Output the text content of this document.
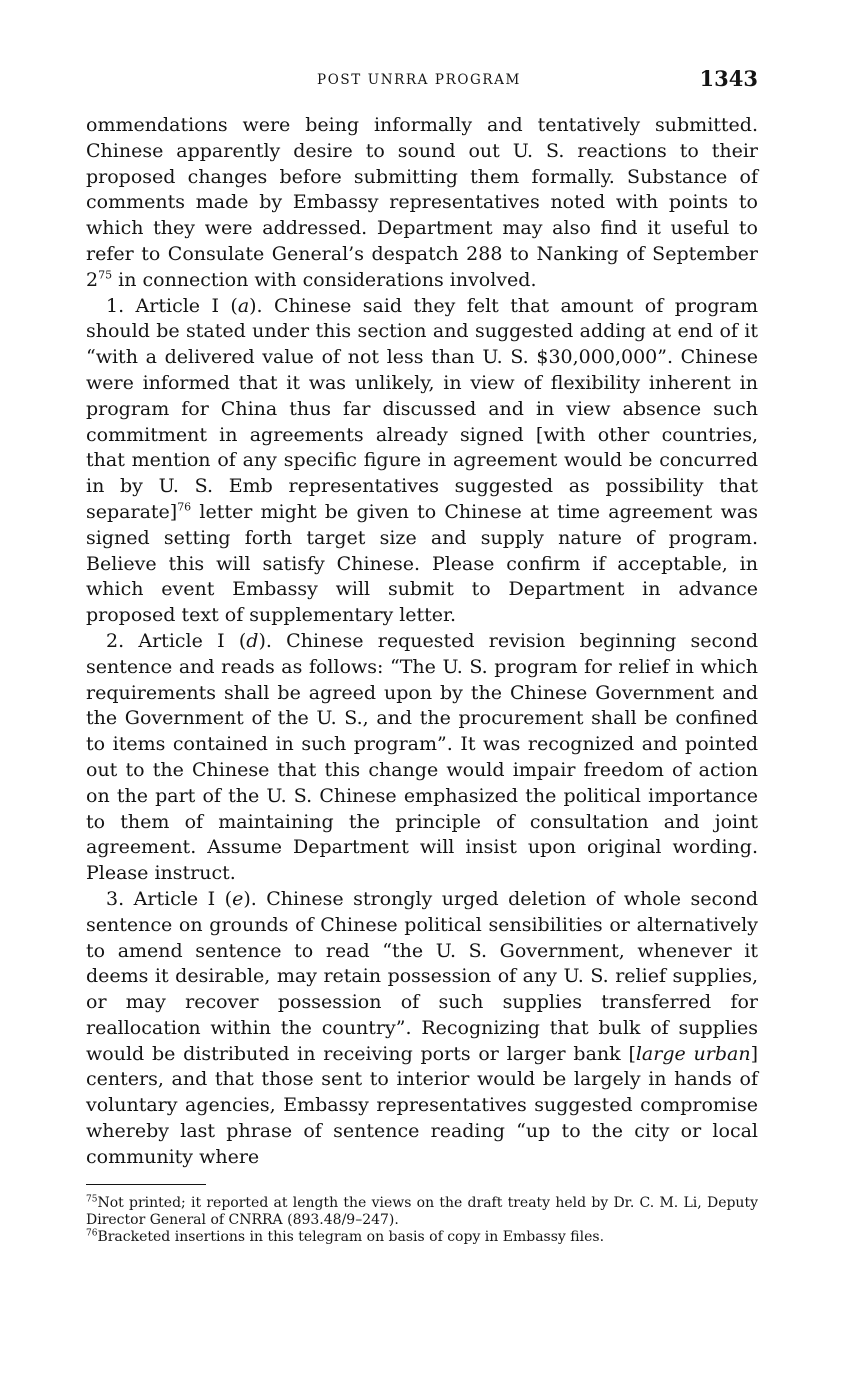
POST UNRRA PROGRAM	1343

ommendations were being informally and tentatively submitted. Chinese apparently desire to sound out U. S. reactions to their proposed changes before submitting them formally. Substance of comments made by Embassy representatives noted with points to which they were addressed. Department may also find it useful to refer to Consulate General’s despatch 288 to Nanking of September 2$^{75}$ in connection with considerations involved.

1. Article I (a). Chinese said they felt that amount of program should be stated under this section and suggested adding at end of it “with a delivered value of not less than U. S. $30,000,000”. Chinese were informed that it was unlikely, in view of flexibility inherent in program for China thus far discussed and in view absence such commitment in agreements already signed [with other countries, that mention of any specific figure in agreement would be concurred in by U. S. Emb representatives suggested as possibility that separate]$^{76}$ letter might be given to Chinese at time agreement was signed setting forth target size and supply nature of program. Believe this will satisfy Chinese. Please confirm if acceptable, in which event Embassy will submit to Department in advance proposed text of supplementary letter.

2. Article I (d). Chinese requested revision beginning second sentence and reads as follows: “The U. S. program for relief in which requirements shall be agreed upon by the Chinese Government and the Government of the U. S., and the procurement shall be confined to items contained in such program”. It was recognized and pointed out to the Chinese that this change would impair freedom of action on the part of the U. S. Chinese emphasized the political importance to them of maintaining the principle of consultation and joint agreement. Assume Department will insist upon original wording. Please instruct.

3. Article I (e). Chinese strongly urged deletion of whole second sentence on grounds of Chinese political sensibilities or alternatively to amend sentence to read “the U. S. Government, whenever it deems it desirable, may retain possession of any U. S. relief supplies, or may recover possession of such supplies transferred for reallocation within the country”. Recognizing that bulk of supplies would be distributed in receiving ports or larger bank [large urban] centers, and that those sent to interior would be largely in hands of voluntary agencies, Embassy representatives suggested compromise whereby last phrase of sentence reading “up to the city or local community where

$^{75}$Not printed; it reported at length the views on the draft treaty held by Dr. C. M. Li, Deputy Director General of CNRRA (893.48/9–247).

$^{76}$Bracketed insertions in this telegram on basis of copy in Embassy files.
